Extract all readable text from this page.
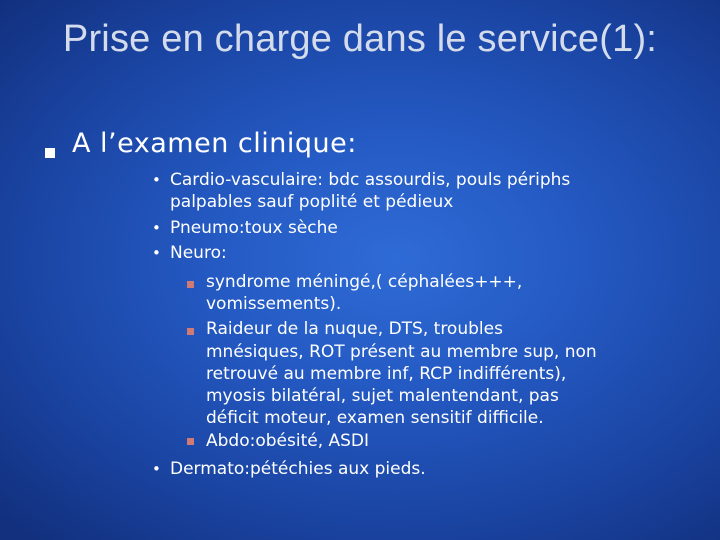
Prise en charge dans le service(1):
A l’examen clinique:
• Cardio-vasculaire: bdc assourdis, pouls périphs
palpables sauf poplité et pédieux
• Pneumo:toux sèche
• Neuro:
syndrome méningé,( céphalées+++,
vomissements).
Raideur de la nuque, DTS, troubles
mnésiques, ROT présent au membre sup, non
retrouvé au membre inf, RCP indifférents),
myosis bilatéral, sujet malentendant, pas
déficit moteur, examen sensitif difficile.
Abdo:obésité, ASDI
• Dermato:pétéchies aux pieds.
